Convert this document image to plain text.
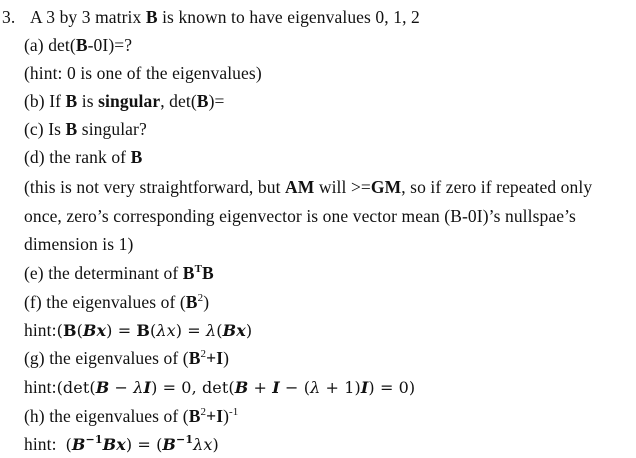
3. A 3 by 3 matrix B is known to have eigenvalues 0, 1, 2
(a) det(B-0I)=?
(hint: 0 is one of the eigenvalues)
(b) If B is singular, det(B)=
(c) Is B singular?
(d) the rank of B
(this is not very straightforward, but AM will >=GM, so if zero if repeated only
once, zero’s corresponding eigenvector is one vector mean (B-0I)’s nullspae’s
dimension is 1)
(e) the determinant of $B^TB$
(f) the eigenvalues of $(B^2)$
hint:(B(Bx) = B(λx) = λ(Bx)
(g) the eigenvalues of $(B^2+I)$
hint:(det(B − λI) = 0, det(B + I − (λ + 1)I) = 0)
(h) the eigenvalues of $(B^2+I)^{-1}$
hint: $(B^{-1}Bx) = (B^{-1}\lambda x)$
